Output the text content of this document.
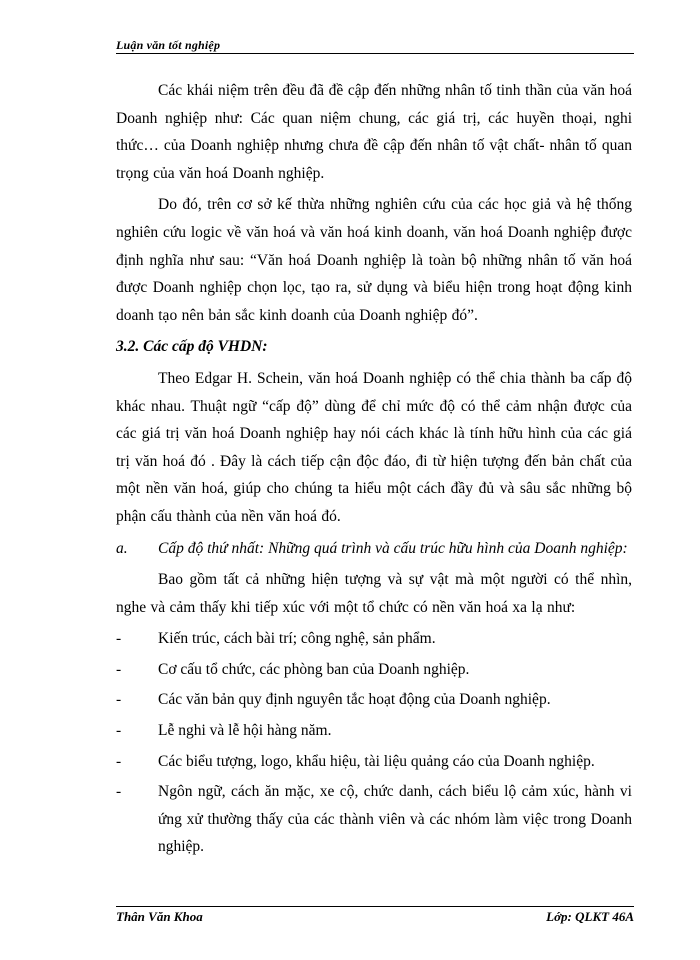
Luận văn tốt nghiệp

Các khái niệm trên đều đã đề cập đến những nhân tố tinh thần của văn hoá Doanh nghiệp như: Các quan niệm chung, các giá trị, các huyền thoại, nghi thức… của Doanh nghiệp nhưng chưa đề cập đến nhân tố vật chất- nhân tố quan trọng của văn hoá Doanh nghiệp.

Do đó, trên cơ sở kế thừa những nghiên cứu của các học giả và hệ thống nghiên cứu logic về văn hoá và văn hoá kinh doanh, văn hoá Doanh nghiệp được định nghĩa như sau: “Văn hoá Doanh nghiệp là toàn bộ những nhân tố văn hoá được Doanh nghiệp chọn lọc, tạo ra, sử dụng và biểu hiện trong hoạt động kinh doanh tạo nên bản sắc kinh doanh của Doanh nghiệp đó”.

3.2. Các cấp độ VHDN:

Theo Edgar H. Schein, văn hoá Doanh nghiệp có thể chia thành ba cấp độ khác nhau. Thuật ngữ “cấp độ” dùng để chỉ mức độ có thể cảm nhận được của các giá trị văn hoá Doanh nghiệp hay nói cách khác là tính hữu hình của các giá trị văn hoá đó . Đây là cách tiếp cận độc đáo, đi từ hiện tượng đến bản chất của một nền văn hoá, giúp cho chúng ta hiểu một cách đầy đủ và sâu sắc những bộ phận cấu thành của nền văn hoá đó.

a.	Cấp độ thứ nhất: Những quá trình và cấu trúc hữu hình của Doanh nghiệp:

Bao gồm tất cả những hiện tượng và sự vật mà một người có thể nhìn, nghe và cảm thấy khi tiếp xúc với một tổ chức có nền văn hoá xa lạ như:

-	Kiến trúc, cách bài trí; công nghệ, sản phẩm.
-	Cơ cấu tổ chức, các phòng ban của Doanh nghiệp.
-	Các văn bản quy định nguyên tắc hoạt động của Doanh nghiệp.
-	Lễ nghi và lễ hội hàng năm.
-	Các biểu tượng, logo, khẩu hiệu, tài liệu quảng cáo của Doanh nghiệp.
-	Ngôn ngữ, cách ăn mặc, xe cộ, chức danh, cách biểu lộ cảm xúc, hành vi ứng xử thường thấy của các thành viên và các nhóm làm việc trong Doanh nghiệp.
Thân Văn Khoa	Lớp: QLKT 46A
